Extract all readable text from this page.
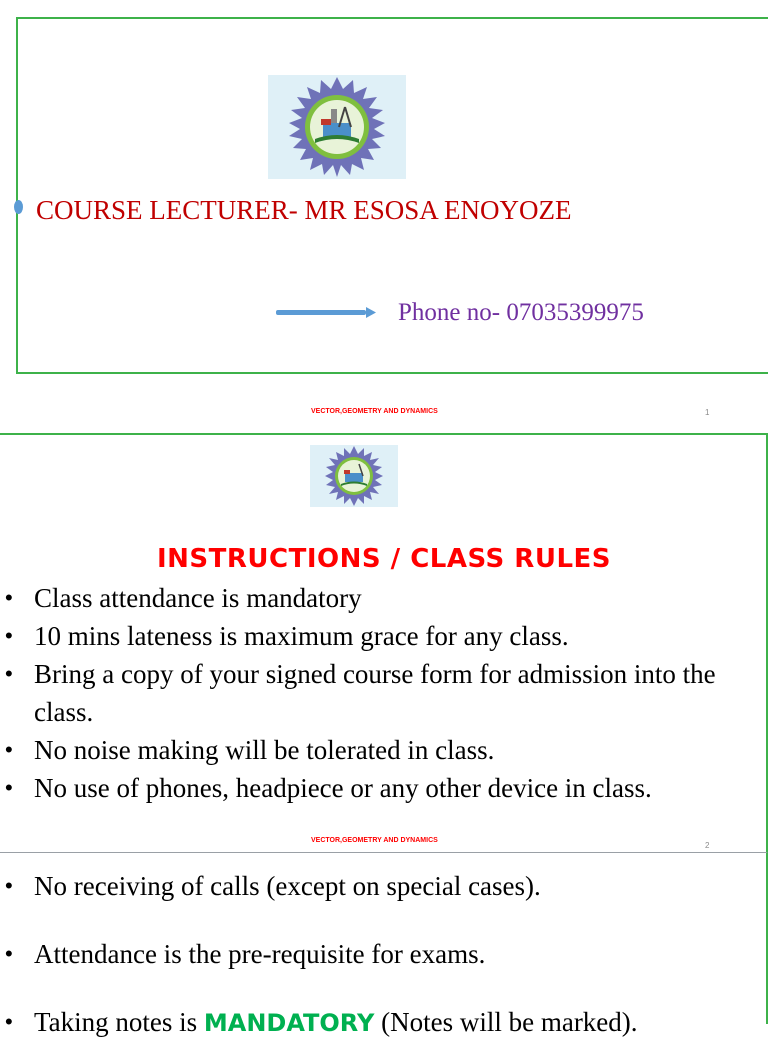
COURSE LECTURER- MR ESOSA ENOYOZE
Phone no- 07035399975
VECTOR,GEOMETRY AND DYNAMICS	1
INSTRUCTIONS / CLASS RULES
• Class attendance is mandatory
• 10 mins lateness is maximum grace for any class.
• Bring a copy of your signed course form for admission into the class.
• No noise making will be tolerated in class.
• No use of phones, headpiece or any other device in class.
VECTOR,GEOMETRY AND DYNAMICS
2
• No receiving of calls (except on special cases).
• Attendance is the pre-requisite for exams.
• Taking notes is MANDATORY (Notes will be marked).
